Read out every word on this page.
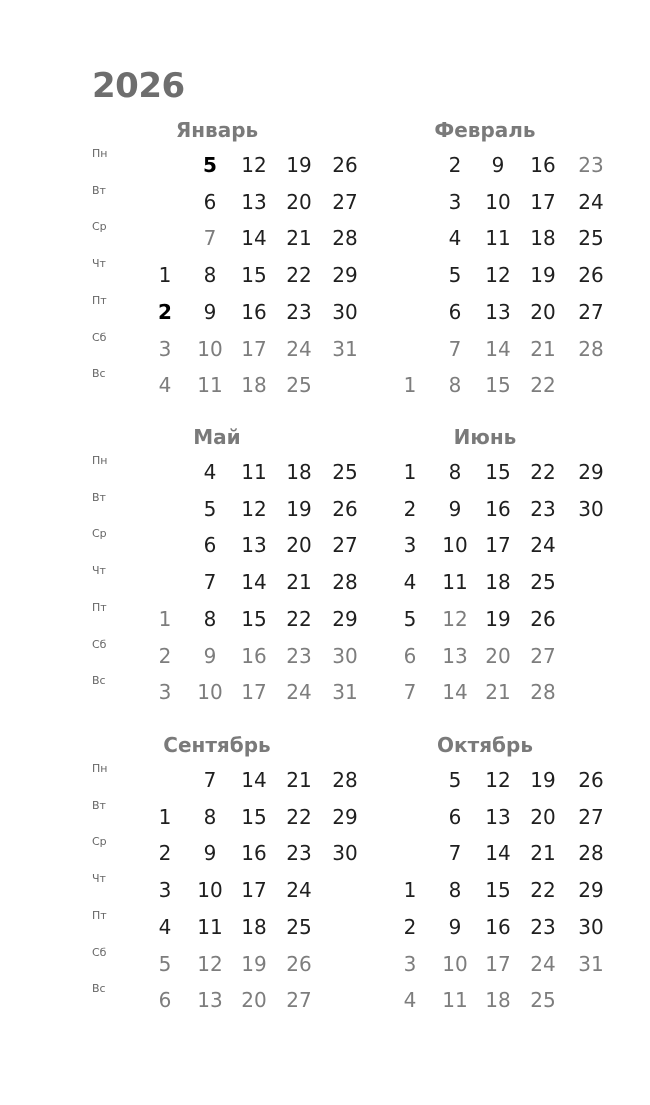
2026
Пн
Вт
Ср
Чт
Пт
Сб
Вс
Январь
1
2
3
4
5
6
7
8
9
10
11
12
13
14
15
16
17
18
19
20
21
22
23
24
25
26
27
28
29
30
31
Февраль
1
2
3
4
5
6
7
8
9
10
11
12
13
14
15
16
17
18
19
20
21
22
23
24
25
26
27
28
Пн
Вт
Ср
Чт
Пт
Сб
Вс
Май
1
2
3
4
5
6
7
8
9
10
11
12
13
14
15
16
17
18
19
20
21
22
23
24
25
26
27
28
29
30
31
Июнь
1
2
3
4
5
6
7
8
9
10
11
12
13
14
15
16
17
18
19
20
21
22
23
24
25
26
27
28
29
30
Пн
Вт
Ср
Чт
Пт
Сб
Вс
Сентябрь
1
2
3
4
5
6
7
8
9
10
11
12
13
14
15
16
17
18
19
20
21
22
23
24
25
26
27
28
29
30
Октябрь
1
2
3
4
5
6
7
8
9
10
11
12
13
14
15
16
17
18
19
20
21
22
23
24
25
26
27
28
29
30
31
